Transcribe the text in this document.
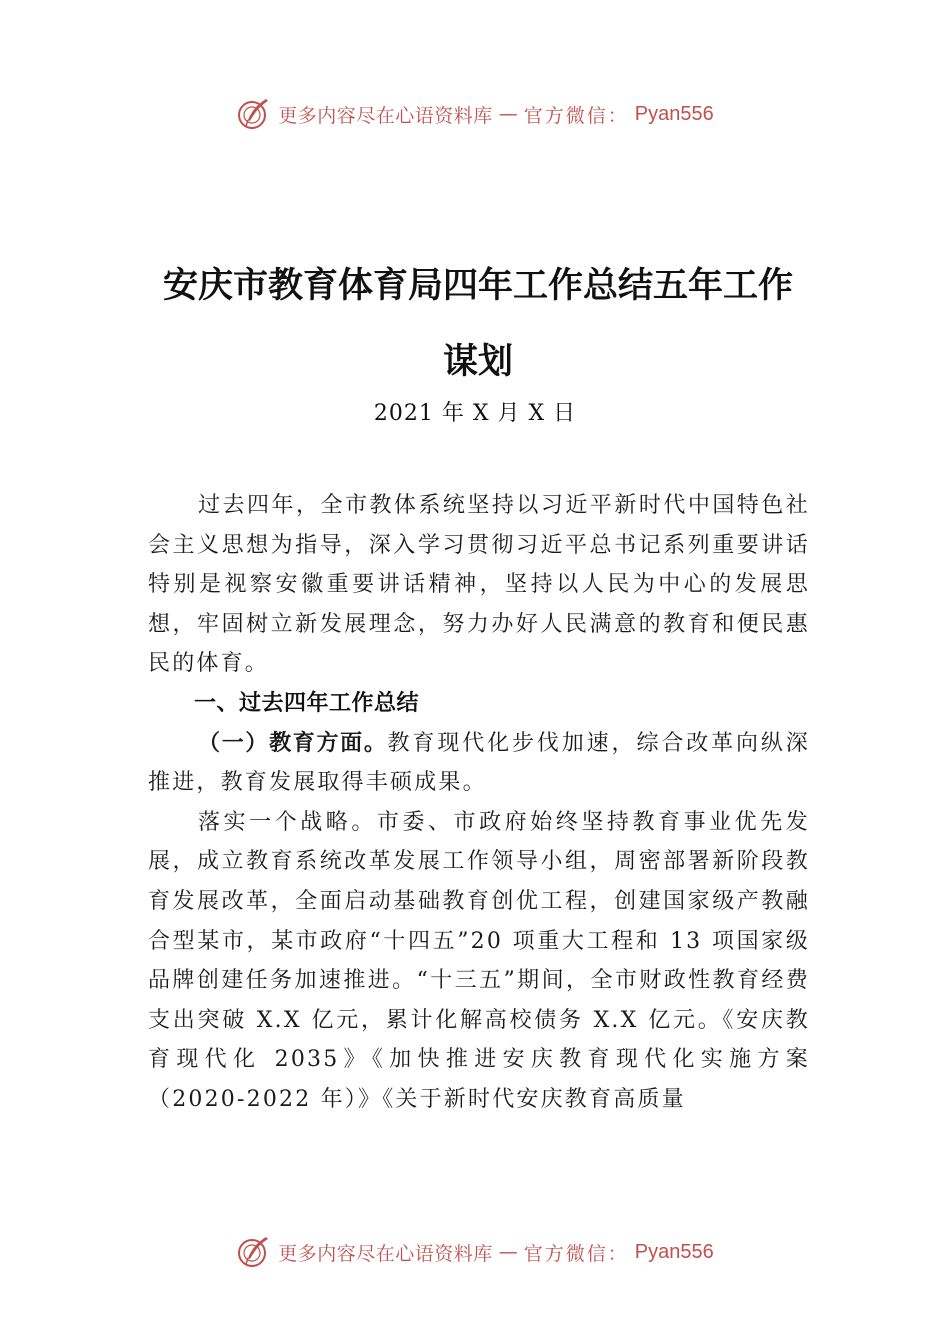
更多内容尽在心语资料库 — 官方微信： Pyan556
安庆市教育体育局四年工作总结五年工作谋划
2021 年 X 月 X 日

过去四年，全市教体系统坚持以习近平新时代中国特色社会主义思想为指导，深入学习贯彻习近平总书记系列重要讲话特别是视察安徽重要讲话精神，坚持以人民为中心的发展思想，牢固树立新发展理念，努力办好人民满意的教育和便民惠民的体育。

一、过去四年工作总结

（一）教育方面。教育现代化步伐加速，综合改革向纵深推进，教育发展取得丰硕成果。

落实一个战略。市委、市政府始终坚持教育事业优先发展，成立教育系统改革发展工作领导小组，周密部署新阶段教育发展改革，全面启动基础教育创优工程，创建国家级产教融合型某市，某市政府“十四五”20 项重大工程和 13 项国家级品牌创建任务加速推进。“十三五”期间，全市财政性教育经费支出突破 X.X 亿元，累计化解高校债务 X.X 亿元。《安庆教育现代化 2035》《加快推进安庆教育现代化实施方案（2020-2022 年）》《关于新时代安庆教育高质量

更多内容尽在心语资料库 — 官方微信： Pyan556
